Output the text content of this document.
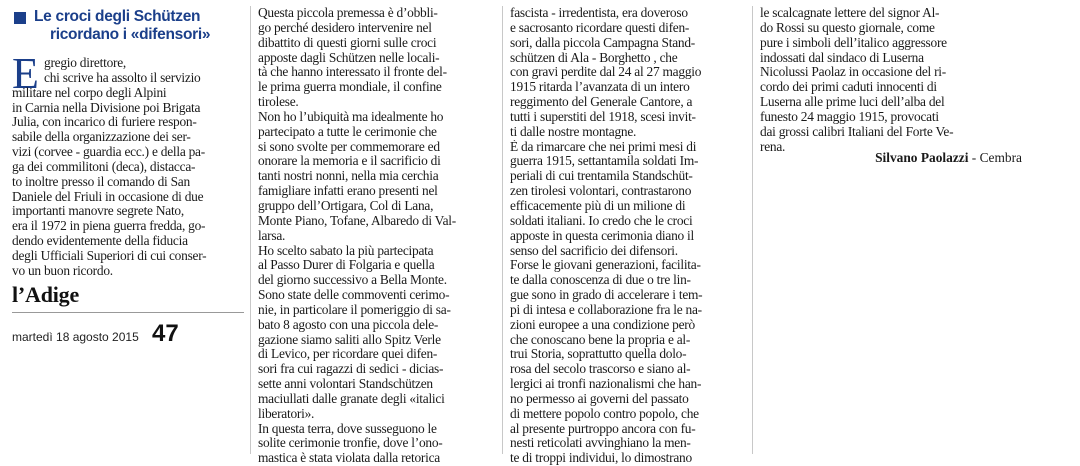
Le croci degli Schützen
ricordano i «difensori»
E gregio direttore,
chi scrive ha assolto il servizio
militare nel corpo degli Alpini
in Carnia nella Divisione poi Brigata
Julia, con incarico di furiere respon-
sabile della organizzazione dei ser-
vizi (corvee - guardia ecc.) e della pa-
ga dei commilitoni (deca), distacca-
to inoltre presso il comando di San
Daniele del Friuli in occasione di due
importanti manovre segrete Nato,
era il 1972 in piena guerra fredda, go-
dendo evidentemente della fiducia
degli Ufficiali Superiori di cui conser-
vo un buon ricordo.
l’Adige
martedì 18 agosto 2015 47
Questa piccola premessa è d’obbli-
go perché desidero intervenire nel
dibattito di questi giorni sulle croci
apposte dagli Schützen nelle locali-
tà che hanno interessato il fronte del-
le prima guerra mondiale, il confine
tirolese.
Non ho l’ubiquità ma idealmente ho
partecipato a tutte le cerimonie che
si sono svolte per commemorare ed
onorare la memoria e il sacrificio di
tanti nostri nonni, nella mia cerchia
famigliare infatti erano presenti nel
gruppo dell’Ortigara, Col di Lana,
Monte Piano, Tofane, Albaredo di Val-
larsa.
Ho scelto sabato la più partecipata
al Passo Durer di Folgaria e quella
del giorno successivo a Bella Monte.
Sono state delle commoventi cerimo-
nie, in particolare il pomeriggio di sa-
bato 8 agosto con una piccola dele-
gazione siamo saliti allo Spitz Verle
di Levico, per ricordare quei difen-
sori fra cui ragazzi di sedici - dicias-
sette anni volontari Standschützen
maciullati dalle granate degli «italici
liberatori».
In questa terra, dove susseguono le
solite cerimonie tronfie, dove l’ono-
mastica è stata violata dalla retorica
fascista - irredentista, era doveroso
e sacrosanto ricordare questi difen-
sori, dalla piccola Campagna Stand-
schützen di Ala - Borghetto , che
con gravi perdite dal 24 al 27 maggio
1915 ritarda l’avanzata di un intero
reggimento del Generale Cantore, a
tutti i superstiti del 1918, scesi invit-
ti dalle nostre montagne.
È da rimarcare che nei primi mesi di
guerra 1915, settantamila soldati Im-
periali di cui trentamila Standschüt-
zen tirolesi volontari, contrastarono
efficacemente più di un milione di
soldati italiani. Io credo che le croci
apposte in questa cerimonia diano il
senso del sacrificio dei difensori.
Forse le giovani generazioni, facilita-
te dalla conoscenza di due o tre lin-
gue sono in grado di accelerare i tem-
pi di intesa e collaborazione fra le na-
zioni europee a una condizione però
che conoscano bene la propria e al-
trui Storia, soprattutto quella dolo-
rosa del secolo trascorso e siano al-
lergici ai tronfi nazionalismi che han-
no permesso ai governi del passato
di mettere popolo contro popolo, che
al presente purtroppo ancora con fu-
nesti reticolati avvinghiano la men-
te di troppi individui, lo dimostrano
le scalcagnate lettere del signor Al-
do Rossi su questo giornale, come
pure i simboli dell’italico aggressore
indossati dal sindaco di Luserna
Nicolussi Paolaz in occasione del ri-
cordo dei primi caduti innocenti di
Luserna alle prime luci dell’alba del
funesto 24 maggio 1915, provocati
dai grossi calibri Italiani del Forte Ve-
rena.
Silvano Paolazzi - Cembra
